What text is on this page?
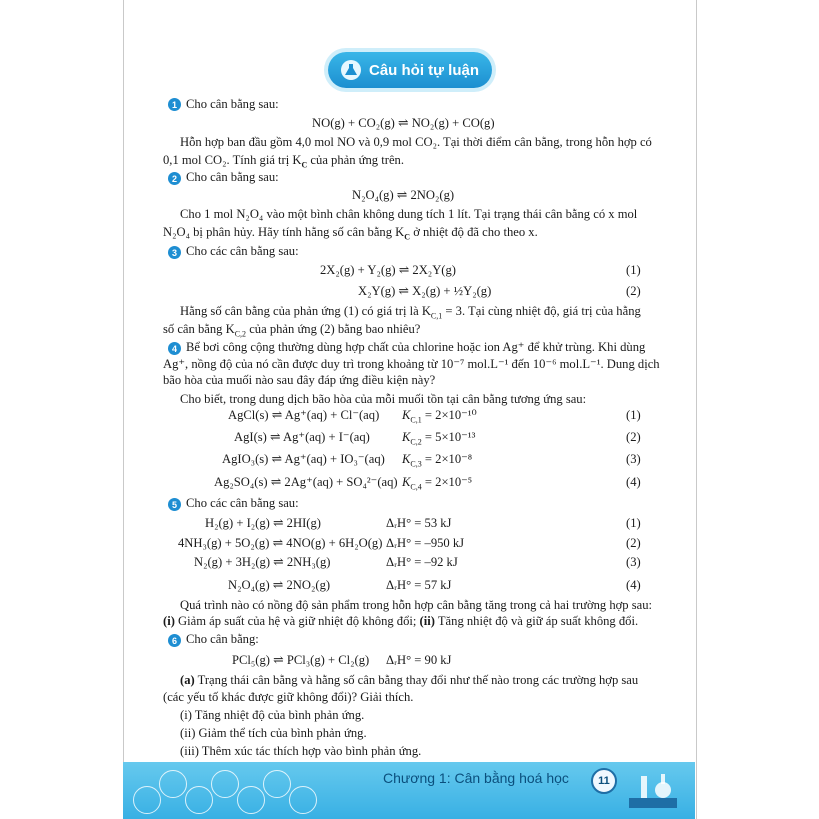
Câu hỏi tự luận
1 Cho cân bằng sau:
NO(g) + CO₂(g) ⇌ NO₂(g) + CO(g)
Hỗn hợp ban đầu gồm 4,0 mol NO và 0,9 mol CO₂. Tại thời điểm cân bằng, trong hỗn hợp có
0,1 mol CO₂. Tính giá trị $K_C$ của phản ứng trên.
2 Cho cân bằng sau:
N₂O₄(g) ⇌ 2NO₂(g)
Cho 1 mol N₂O₄ vào một bình chân không dung tích 1 lít. Tại trạng thái cân bằng có x mol
N₂O₄ bị phân hủy. Hãy tính hằng số cân bằng $K_C$ ở nhiệt độ đã cho theo x.
3 Cho các cân bằng sau:
2X₂(g) + Y₂(g) ⇌ 2X₂Y(g)	(1)
X₂Y(g) ⇌ X₂(g) + ½Y₂(g)	(2)
Hằng số cân bằng của phản ứng (1) có giá trị là $K_{C,1} = 3$. Tại cùng nhiệt độ, giá trị của hằng
số cân bằng $K_{C,2}$ của phản ứng (2) bằng bao nhiêu?
4 Bể bơi công cộng thường dùng hợp chất của chlorine hoặc ion Ag⁺ để khử trùng. Khi dùng
Ag⁺, nồng độ của nó cần được duy trì trong khoảng từ 10⁻⁷ mol.L⁻¹ đến 10⁻⁶ mol.L⁻¹. Dung dịch
bão hòa của muối nào sau đây đáp ứng điều kiện này?
Cho biết, trong dung dịch bão hòa của mỗi muối tồn tại cân bằng tương ứng sau:
AgCl(s) ⇌ Ag⁺(aq) + Cl⁻(aq) $K_{C,1} = 2\times 10^{-10}$	(1)
AgI(s) ⇌ Ag⁺(aq) + I⁻(aq)	$K_{C,2} = 5\times 10^{-13}$	(2)
AgIO₃(s) ⇌ Ag⁺(aq) + IO₃⁻(aq) $K_{C,3} = 2\times 10^{-8}$	(3)
Ag₂SO₄(s) ⇌ 2Ag⁺(aq) + SO₄²⁻(aq) $K_{C,4} = 2\times 10^{-5}$	(4)
5 Cho các cân bằng sau:
H₂(g) + I₂(g) ⇌ 2HI(g)	ΔᵣH° = 53 kJ	(1)
4NH₃(g) + 5O₂(g) ⇌ 4NO(g) + 6H₂O(g) ΔᵣH° = –950 kJ	(2)
N₂(g) + 3H₂(g) ⇌ 2NH₃(g)	ΔᵣH° = –92 kJ	(3)
N₂O₄(g) ⇌ 2NO₂(g)	ΔᵣH° = 57 kJ	(4)
Quá trình nào có nồng độ sản phẩm trong hỗn hợp cân bằng tăng trong cả hai trường hợp sau:
(i) Giảm áp suất của hệ và giữ nhiệt độ không đổi; (ii) Tăng nhiệt độ và giữ áp suất không đổi.
6 Cho cân bằng:
PCl₅(g) ⇌ PCl₃(g) + Cl₂(g) ΔᵣH° = 90 kJ
(a) Trạng thái cân bằng và hằng số cân bằng thay đổi như thế nào trong các trường hợp sau
(các yếu tố khác được giữ không đổi)? Giải thích.
(i) Tăng nhiệt độ của bình phản ứng.
(ii) Giảm thể tích của bình phản ứng.
(iii) Thêm xúc tác thích hợp vào bình phản ứng.
Chương 1: Cân bằng hoá học	11
